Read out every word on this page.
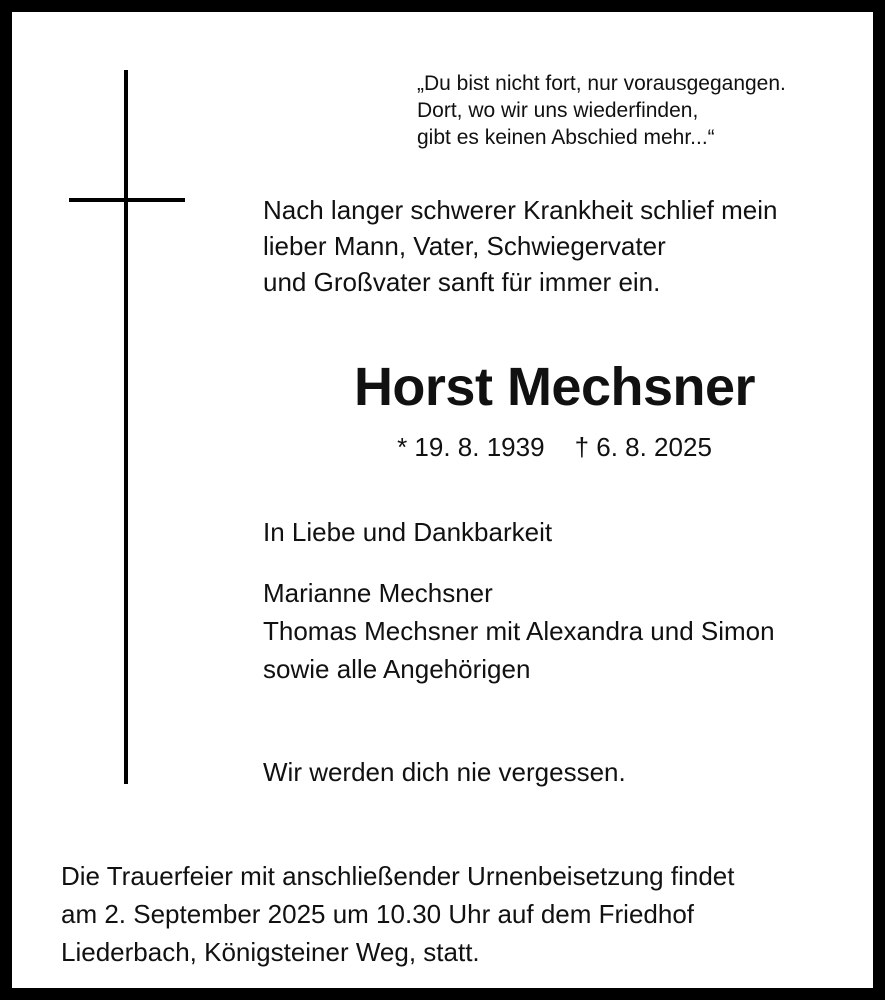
„Du bist nicht fort, nur vorausgegangen.
Dort, wo wir uns wiederfinden,
gibt es keinen Abschied mehr...“
Nach langer schwerer Krankheit schlief mein
lieber Mann, Vater, Schwiegervater
und Großvater sanft für immer ein.
Horst Mechsner
* 19. 8. 1939 † 6. 8. 2025
In Liebe und Dankbarkeit
Marianne Mechsner
Thomas Mechsner mit Alexandra und Simon
sowie alle Angehörigen
Wir werden dich nie vergessen.
Die Trauerfeier mit anschließender Urnenbeisetzung findet
am 2. September 2025 um 10.30 Uhr auf dem Friedhof
Liederbach, Königsteiner Weg, statt.
